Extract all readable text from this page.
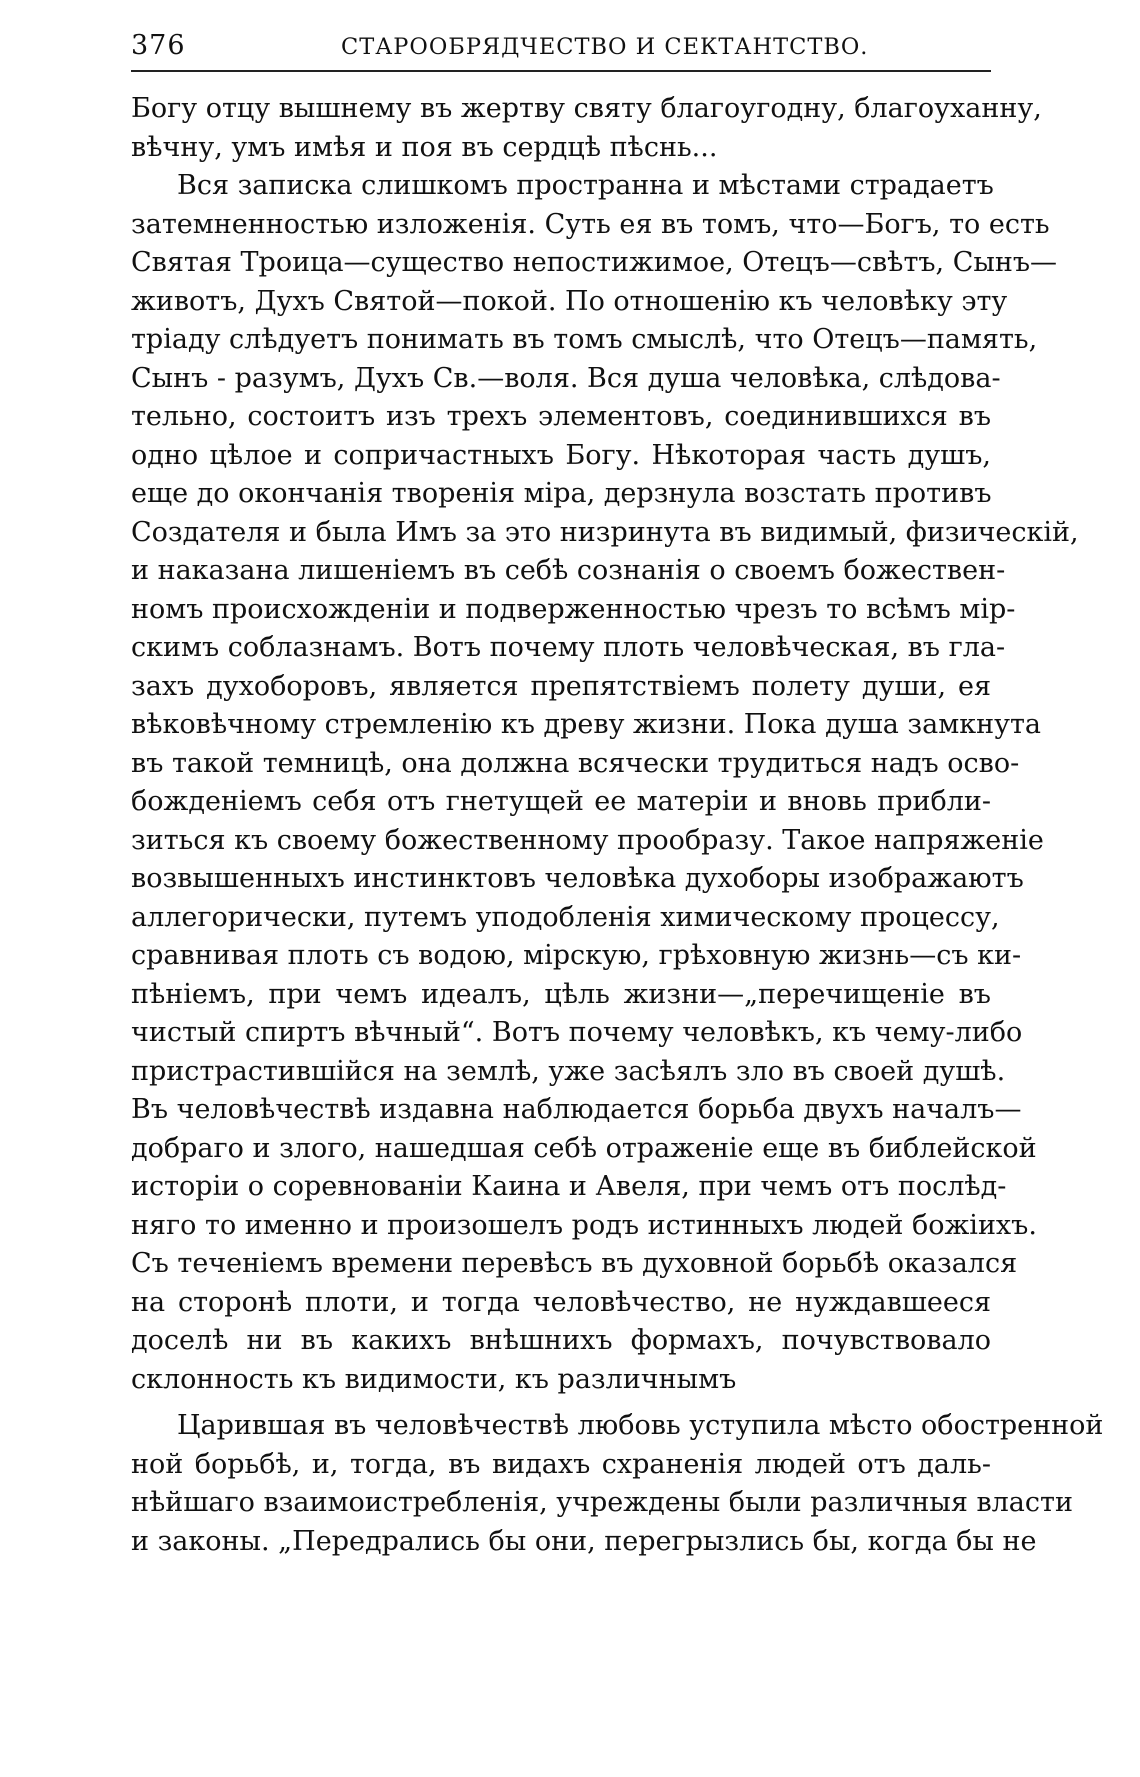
376	СТАРООБРЯДЧЕСТВО И СЕКТАНТСТВО.
Богу отцу вышнему въ жертву святу благоугодну, благоуханну,
вѣчну, умъ имѣя и поя въ сердцѣ пѣснь...
Вся записка слишкомъ пространна и мѣстами страдаетъ
затемненностью изложенія. Суть ея въ томъ, что—Богъ, то есть
Святая Троица—существо непостижимое, Отецъ—свѣтъ, Сынъ—
животъ, Духъ Святой—покой. По отношенію къ человѣку эту
тріаду слѣдуетъ понимать въ томъ смыслѣ, что Отецъ—память,
Сынъ - разумъ, Духъ Св.—воля. Вся душа человѣка, слѣдова-
тельно, состоитъ изъ трехъ элементовъ, соединившихся въ
одно цѣлое и сопричастныхъ Богу. Нѣкоторая часть душъ,
еще до окончанія творенія міра, дерзнула возстать противъ
Создателя и была Имъ за это низринута въ видимый, физическій,
и наказана лишеніемъ въ себѣ сознанія о своемъ божествен-
номъ происхожденіи и подверженностью чрезъ то всѣмъ мір-
скимъ соблазнамъ. Вотъ почему плоть человѣческая, въ гла-
захъ духоборовъ, является препятствіемъ полету души, ея
вѣковѣчному стремленію къ древу жизни. Пока душа замкнута
въ такой темницѣ, она должна всячески трудиться надъ осво-
божденіемъ себя отъ гнетущей ее матеріи и вновь прибли-
зиться къ своему божественному прообразу. Такое напряженіе
возвышенныхъ инстинктовъ человѣка духоборы изображаютъ
аллегорически, путемъ уподобленія химическому процессу,
сравнивая плоть съ водою, мірскую, грѣховную жизнь—съ ки-
пѣніемъ, при чемъ идеалъ, цѣль жизни—„перечищеніе въ
чистый спиртъ вѣчный“. Вотъ почему человѣкъ, къ чему-либо
пристрастившійся на землѣ, уже засѣялъ зло въ своей душѣ.
Въ человѣчествѣ издавна наблюдается борьба двухъ началъ—
добраго и злого, нашедшая себѣ отраженіе еще въ библейской
исторіи о соревнованіи Каина и Авеля, при чемъ отъ послѣд-
няго то именно и произошелъ родъ истинныхъ людей божіихъ.
Съ теченіемъ времени перевѣсъ въ духовной борьбѣ оказался
на сторонѣ плоти, и тогда человѣчество, не нуждавшееся
доселѣ ни въ какихъ внѣшнихъ формахъ, почувствовало
склонность къ видимости, къ различнымъ
Царившая въ человѣчествѣ любовь уступила мѣсто обостренной
ной борьбѣ, и, тогда, въ видахъ схраненія людей отъ даль-
нѣйшаго взаимоистребленія, учреждены были различныя власти
и законы. „Передрались бы они, перегрызлись бы, когда бы не
